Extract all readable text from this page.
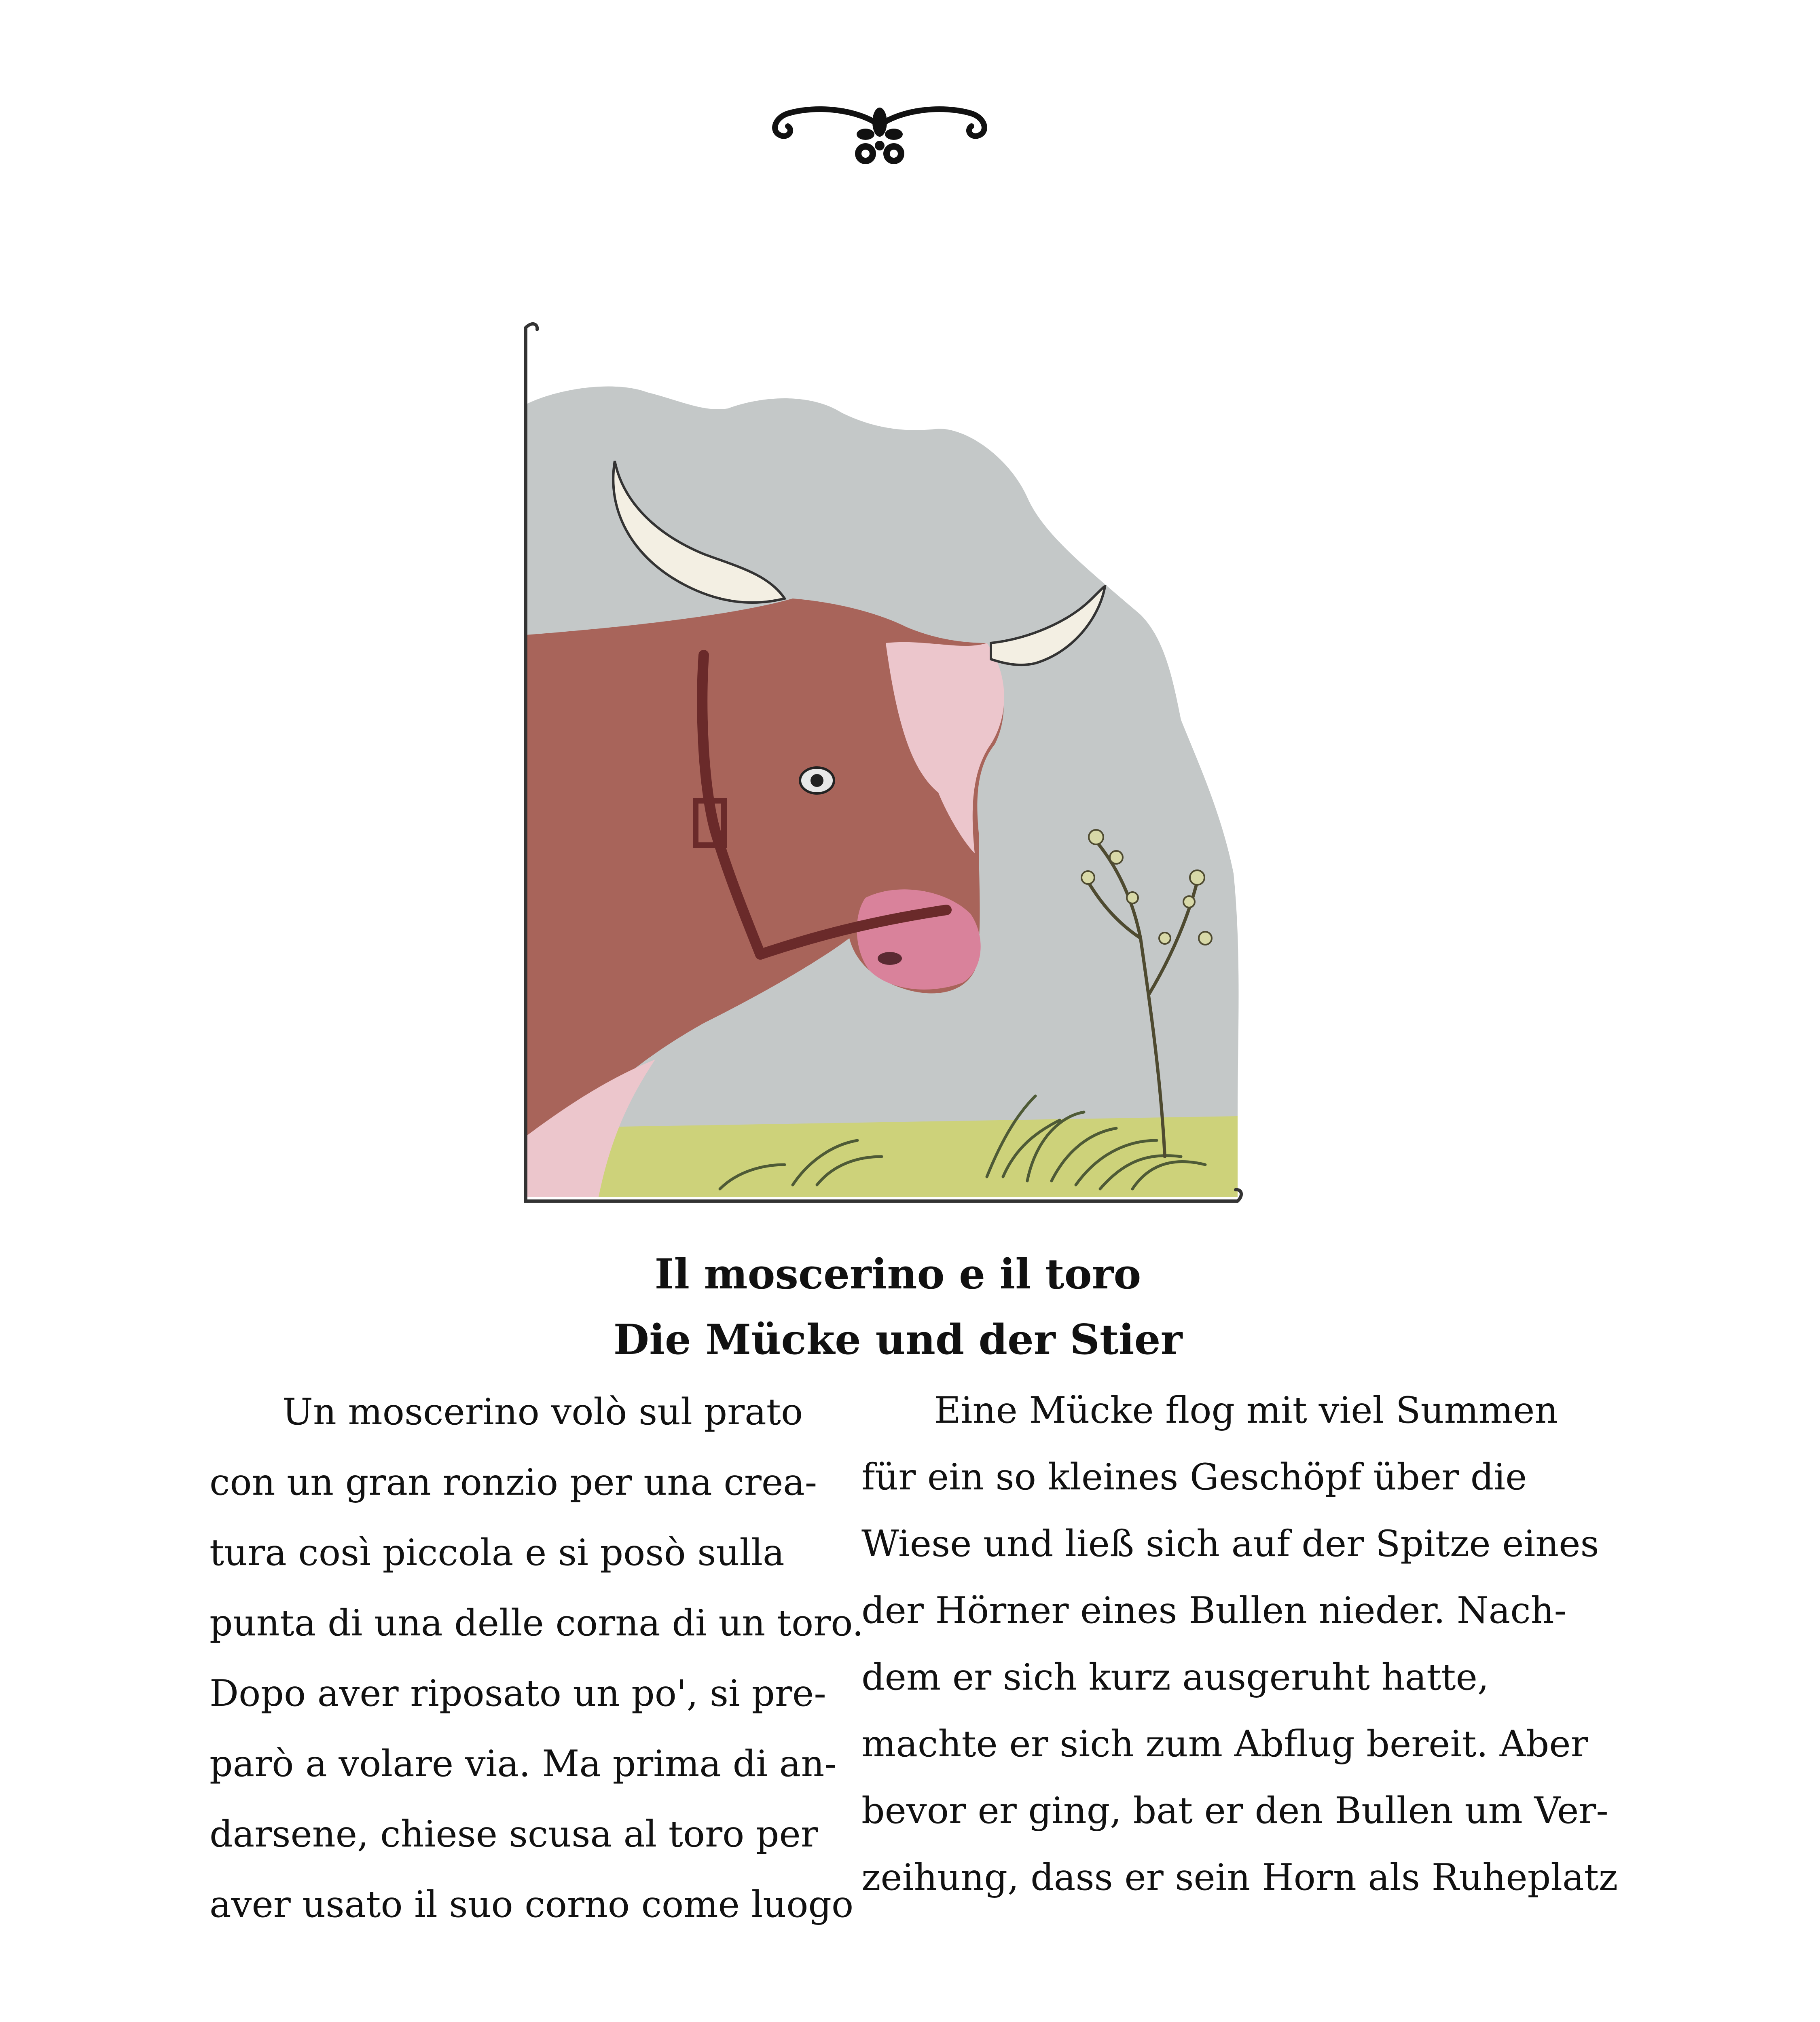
Il moscerino e il toro
Die Mücke und der Stier
Un moscerino volò sul prato
con un gran ronzio per una crea-
tura così piccola e si posò sulla
punta di una delle corna di un toro.
Dopo aver riposato un po', si pre-
parò a volare via. Ma prima di an-
darsene, chiese scusa al toro per
aver usato il suo corno come luogo
Eine Mücke flog mit viel Summen
für ein so kleines Geschöpf über die
Wiese und ließ sich auf der Spitze eines
der Hörner eines Bullen nieder. Nach-
dem er sich kurz ausgeruht hatte,
machte er sich zum Abflug bereit. Aber
bevor er ging, bat er den Bullen um Ver-
zeihung, dass er sein Horn als Ruheplatz
